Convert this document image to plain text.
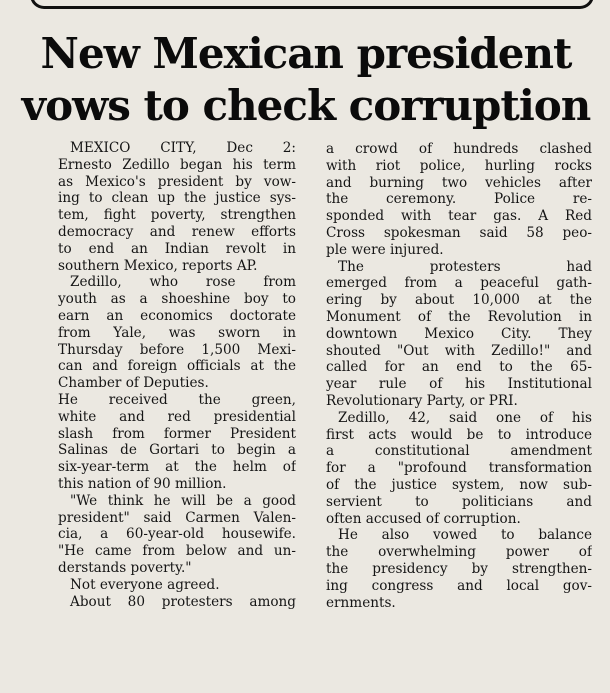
New Mexican president
vows to check corruption
MEXICO CITY, Dec 2:
Ernesto Zedillo began his term
as Mexico's president by vow-
ing to clean up the justice sys-
tem, fight poverty, strengthen
democracy and renew efforts
to end an Indian revolt in
southern Mexico, reports AP.
Zedillo, who rose from
youth as a shoeshine boy to
earn an economics doctorate
from Yale, was sworn in
Thursday before 1,500 Mexi-
can and foreign officials at the
Chamber of Deputies.
He received the green,
white and red presidential
slash from former President
Salinas de Gortari to begin a
six-year-term at the helm of
this nation of 90 million.
"We think he will be a good
president" said Carmen Valen-
cia, a 60-year-old housewife.
"He came from below and un-
derstands poverty."
Not everyone agreed.
About 80 protesters among
a crowd of hundreds clashed
with riot police, hurling rocks
and burning two vehicles after
the ceremony. Police re-
sponded with tear gas. A Red
Cross spokesman said 58 peo-
ple were injured.
The protesters had
emerged from a peaceful gath-
ering by about 10,000 at the
Monument of the Revolution in
downtown Mexico City. They
shouted "Out with Zedillo!" and
called for an end to the 65-
year rule of his Institutional
Revolutionary Party, or PRI.
Zedillo, 42, said one of his
first acts would be to introduce
a constitutional amendment
for a "profound transformation
of the justice system, now sub-
servient to politicians and
often accused of corruption.
He also vowed to balance
the overwhelming power of
the presidency by strengthen-
ing congress and local gov-
ernments.
